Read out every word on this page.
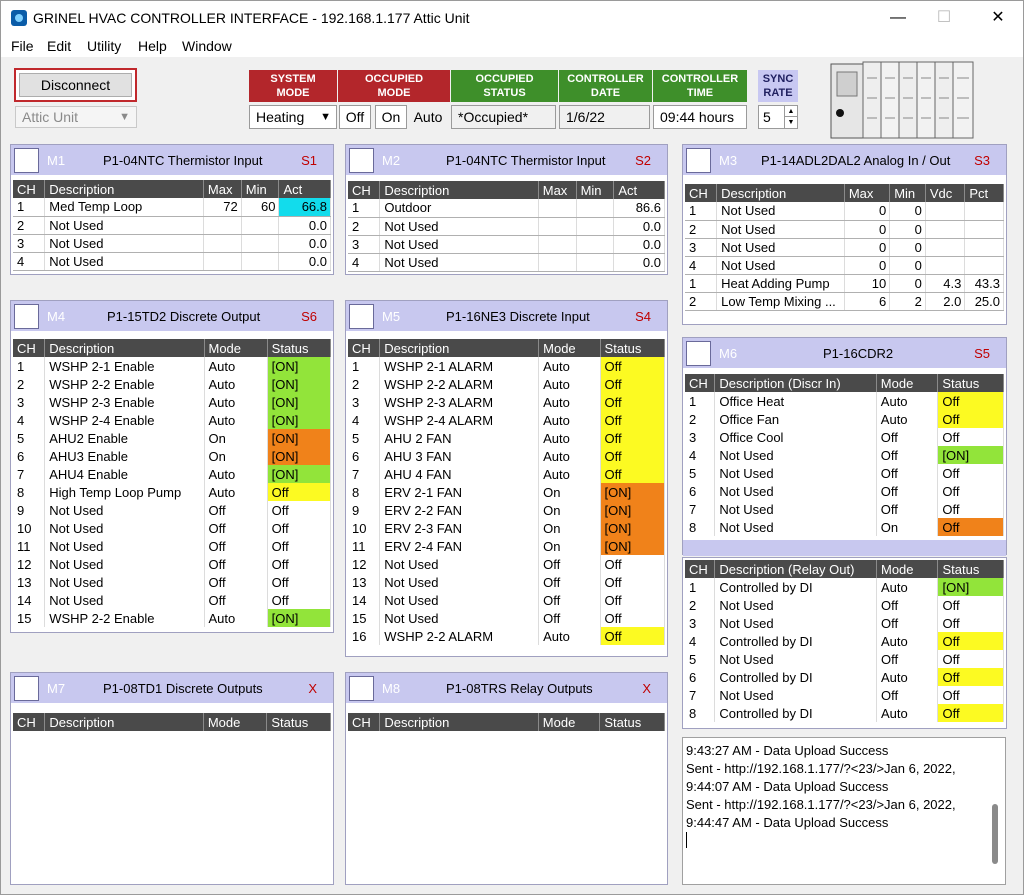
GRINEL HVAC CONTROLLER INTERFACE - 192.168.1.177 Attic Unit	—	☐	✕
File Edit Utility Help Window
Disconnect
Attic Unit	▼
SYSTEM
MODE
OCCUPIED
MODE
OCCUPIED
STATUS
CONTROLLER
DATE
CONTROLLER
TIME
SYNC
RATE
Heating ▼	Off	On Auto	*Occupied*	1/6/22	09:44 hours	5	▲
▼
M1	P1-04NTC Thermistor Input	S1
CH	Description	Max	Min	Act
1	Med Temp Loop	72	60	66.8
2	Not Used			0.0
3	Not Used			0.0
4	Not Used			0.0
M2	P1-04NTC Thermistor Input S2
CH	Description	Max	Min	Act
1	Outdoor			86.6
2	Not Used			0.0
3	Not Used			0.0
4	Not Used			0.0
M3 P1-14ADL2DAL2 Analog In / Out S3
CH	Description	Max	Min	Vdc	Pct
1	Not Used	0	0		
2	Not Used	0	0		
3	Not Used	0	0		
4	Not Used	0	0		
1	Heat Adding Pump	10	0	4.3	43.3
2	Low Temp Mixing ...	6	2	2.0	25.0
M4	P1-15TD2 Discrete Output	S6
CH	Description	Mode	Status
1	WSHP 2-1 Enable	Auto	[ON]
2	WSHP 2-2 Enable	Auto	[ON]
3	WSHP 2-3 Enable	Auto	[ON]
4	WSHP 2-4 Enable	Auto	[ON]
5	AHU2 Enable	On	[ON]
6	AHU3 Enable	On	[ON]
7	AHU4 Enable	Auto	[ON]
8	High Temp Loop Pump	Auto	Off
9	Not Used	Off	Off
10	Not Used	Off	Off
11	Not Used	Off	Off
12	Not Used	Off	Off
13	Not Used	Off	Off
14	Not Used	Off	Off
15	WSHP 2-2 Enable	Auto	[ON]
M5	P1-16NE3 Discrete Input	S4
CH	Description	Mode	Status
1	WSHP 2-1 ALARM	Auto	Off
2	WSHP 2-2 ALARM	Auto	Off
3	WSHP 2-3 ALARM	Auto	Off
4	WSHP 2-4 ALARM	Auto	Off
5	AHU 2 FAN	Auto	Off
6	AHU 3 FAN	Auto	Off
7	AHU 4 FAN	Auto	Off
8	ERV 2-1 FAN	On	[ON]
9	ERV 2-2 FAN	On	[ON]
10	ERV 2-3 FAN	On	[ON]
11	ERV 2-4 FAN	On	[ON]
12	Not Used	Off	Off
13	Not Used	Off	Off
14	Not Used	Off	Off
15	Not Used	Off	Off
16	WSHP 2-2 ALARM	Auto	Off
M6	P1-16CDR2	S5
CH	Description (Discr In)	Mode	Status
1	Office Heat	Auto	Off
2	Office Fan	Auto	Off
3	Office Cool	Off	Off
4	Not Used	Off	[ON]
5	Not Used	Off	Off
6	Not Used	Off	Off
7	Not Used	Off	Off
8	Not Used	On	Off
CH	Description (Relay Out)	Mode	Status
1	Controlled by DI	Auto	[ON]
2	Not Used	Off	Off
3	Not Used	Off	Off
4	Controlled by DI	Auto	Off
5	Not Used	Off	Off
6	Controlled by DI	Auto	Off
7	Not Used	Off	Off
8	Controlled by DI	Auto	Off
M7	P1-08TD1 Discrete Outputs	X
CH	Description	Mode	Status
M8	P1-08TRS Relay Outputs	X
CH	Description	Mode	Status
9:43:27 AM - Data Upload Success
Sent - http://192.168.1.177/?<23/>Jan 6, 2022,
9:44:07 AM - Data Upload Success
Sent - http://192.168.1.177/?<23/>Jan 6, 2022,
9:44:47 AM - Data Upload Success
